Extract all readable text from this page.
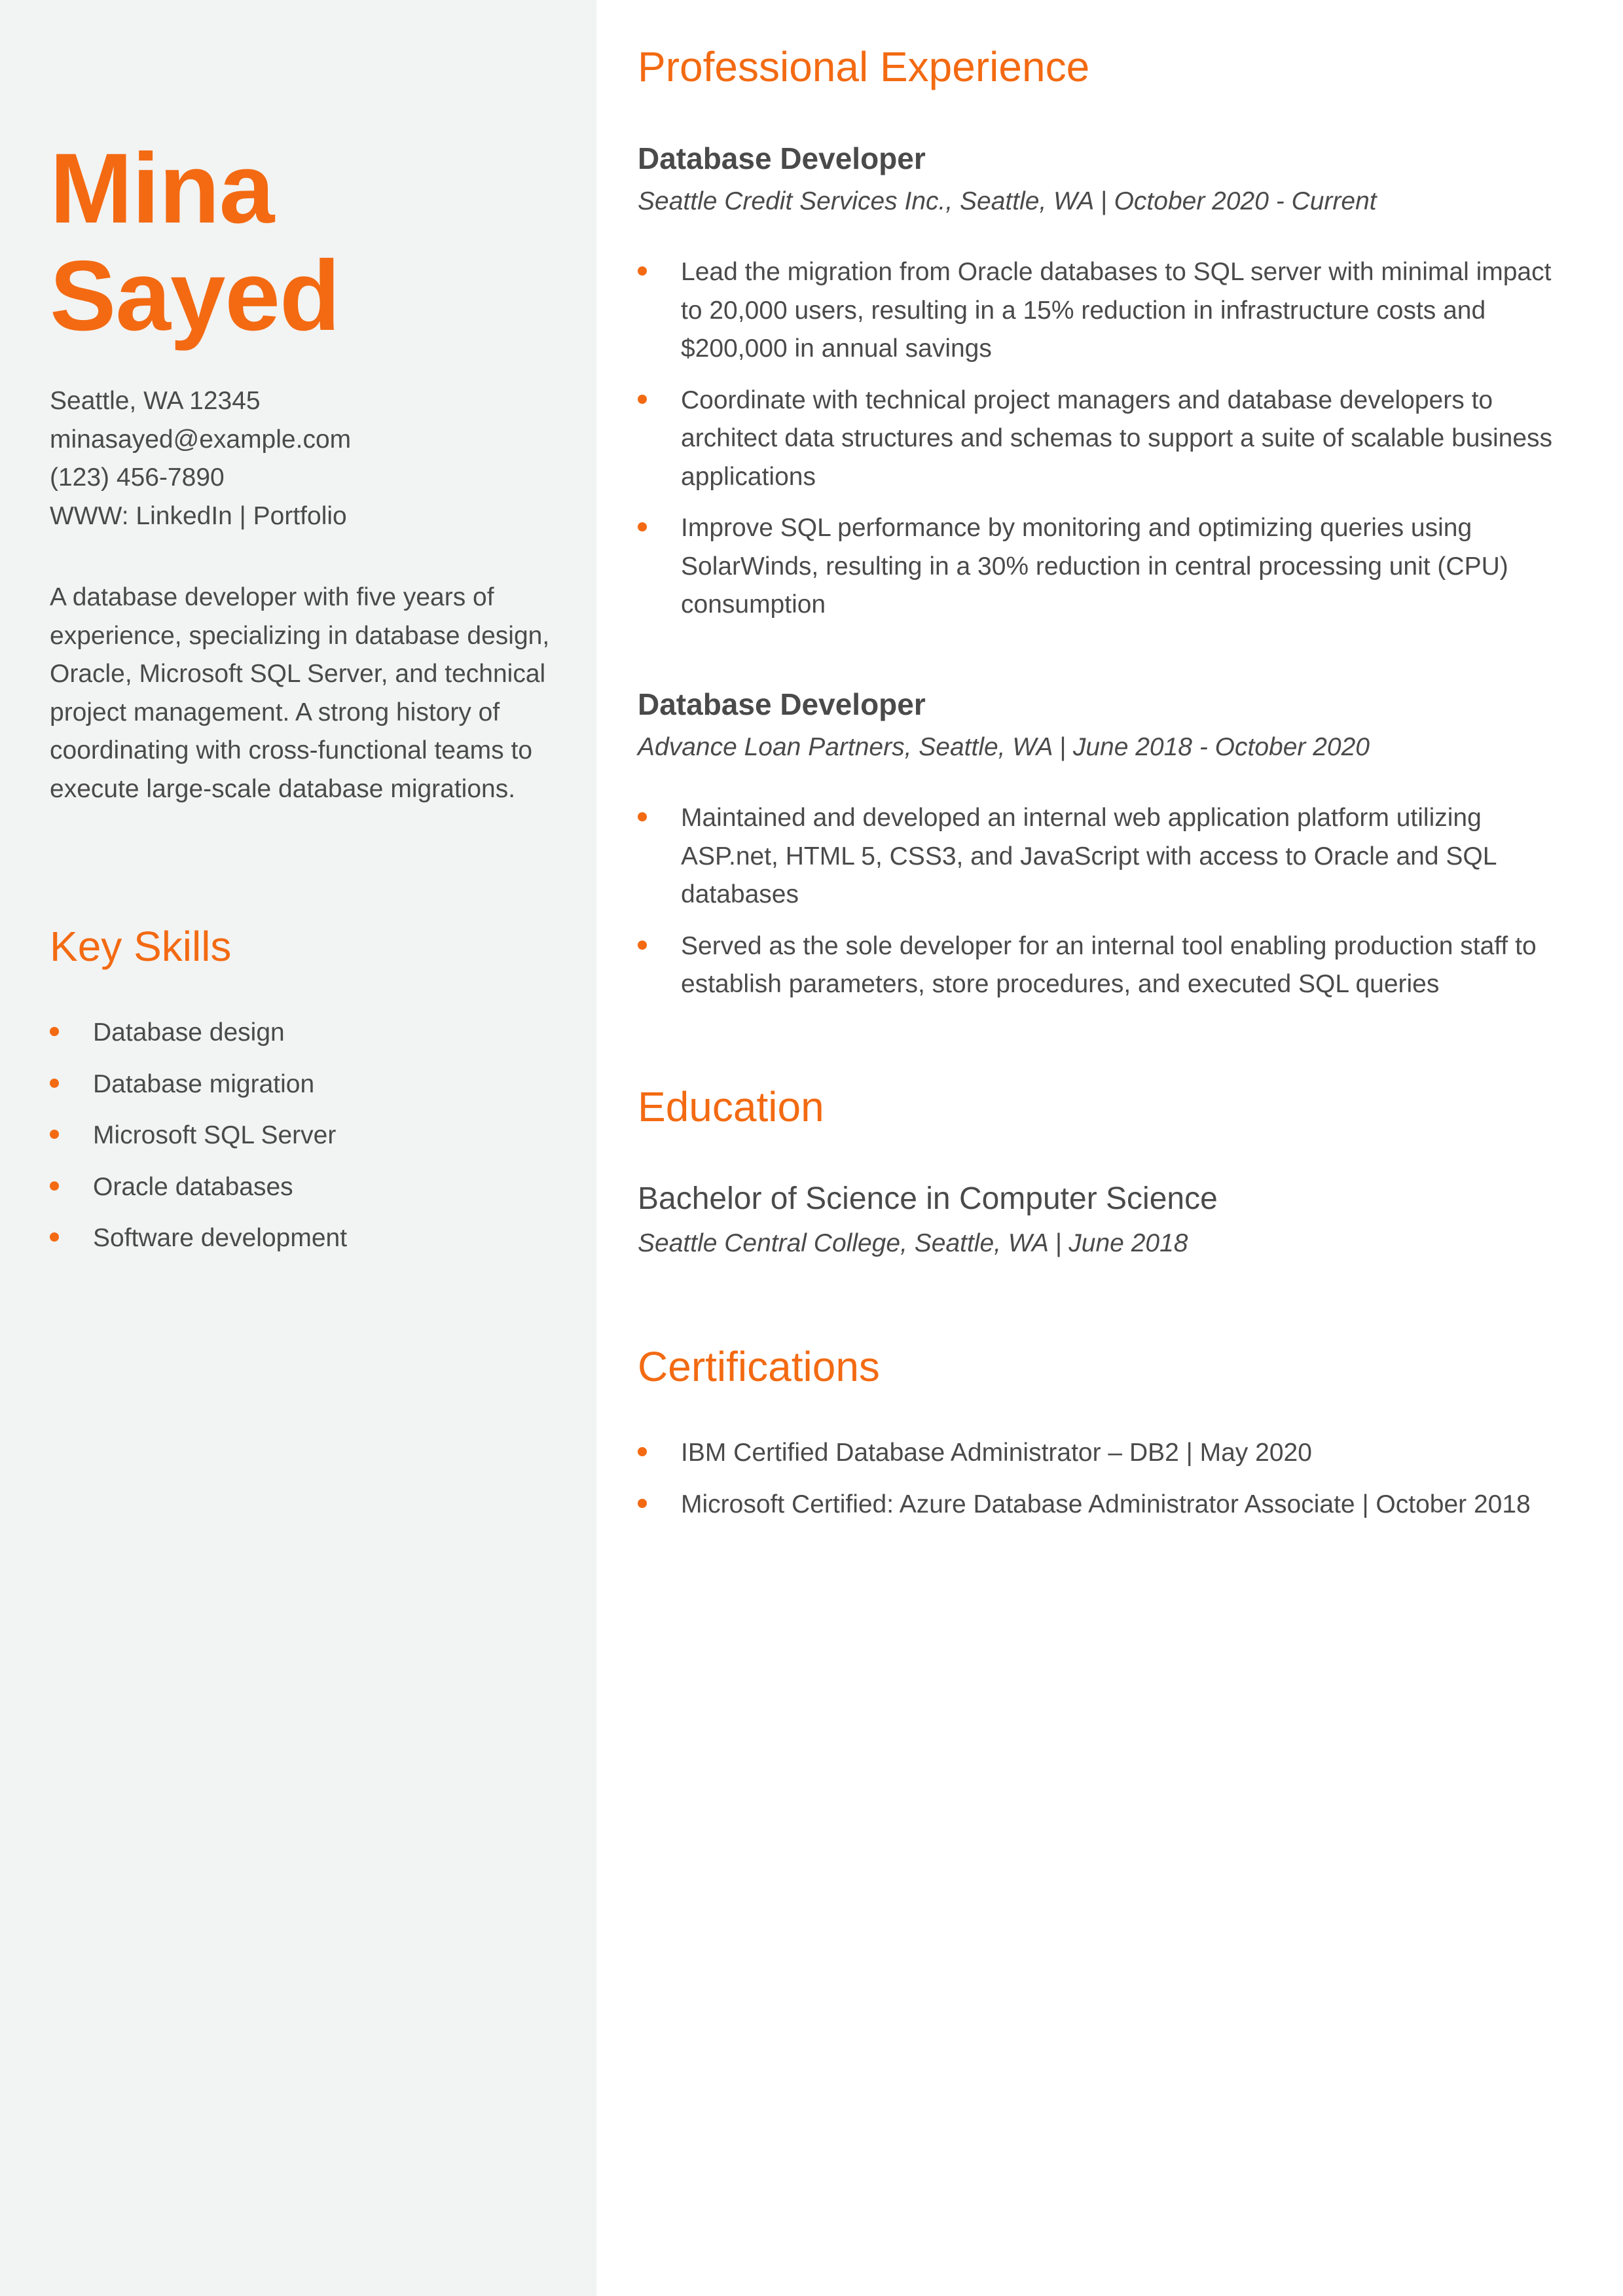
Mina
Sayed
Seattle, WA 12345
minasayed@example.com
(123) 456-7890
WWW: LinkedIn | Portfolio
A database developer with five years of experience, specializing in database design, Oracle, Microsoft SQL Server, and technical project management. A strong history of coordinating with cross-functional teams to execute large-scale database migrations.
Key Skills
Database design
Database migration
Microsoft SQL Server
Oracle databases
Software development
Professional Experience
Database Developer
Seattle Credit Services Inc., Seattle, WA | October 2020 - Current
Lead the migration from Oracle databases to SQL server with minimal impact to 20,000 users, resulting in a 15% reduction in infrastructure costs and $200,000 in annual savings
Coordinate with technical project managers and database developers to architect data structures and schemas to support a suite of scalable business applications
Improve SQL performance by monitoring and optimizing queries using SolarWinds, resulting in a 30% reduction in central processing unit (CPU) consumption
Database Developer
Advance Loan Partners, Seattle, WA | June 2018 - October 2020
Maintained and developed an internal web application platform utilizing ASP.net, HTML 5, CSS3, and JavaScript with access to Oracle and SQL databases
Served as the sole developer for an internal tool enabling production staff to establish parameters, store procedures, and executed SQL queries
Education
Bachelor of Science in Computer Science
Seattle Central College, Seattle, WA | June 2018
Certifications
IBM Certified Database Administrator – DB2 | May 2020
Microsoft Certified: Azure Database Administrator Associate | October 2018
